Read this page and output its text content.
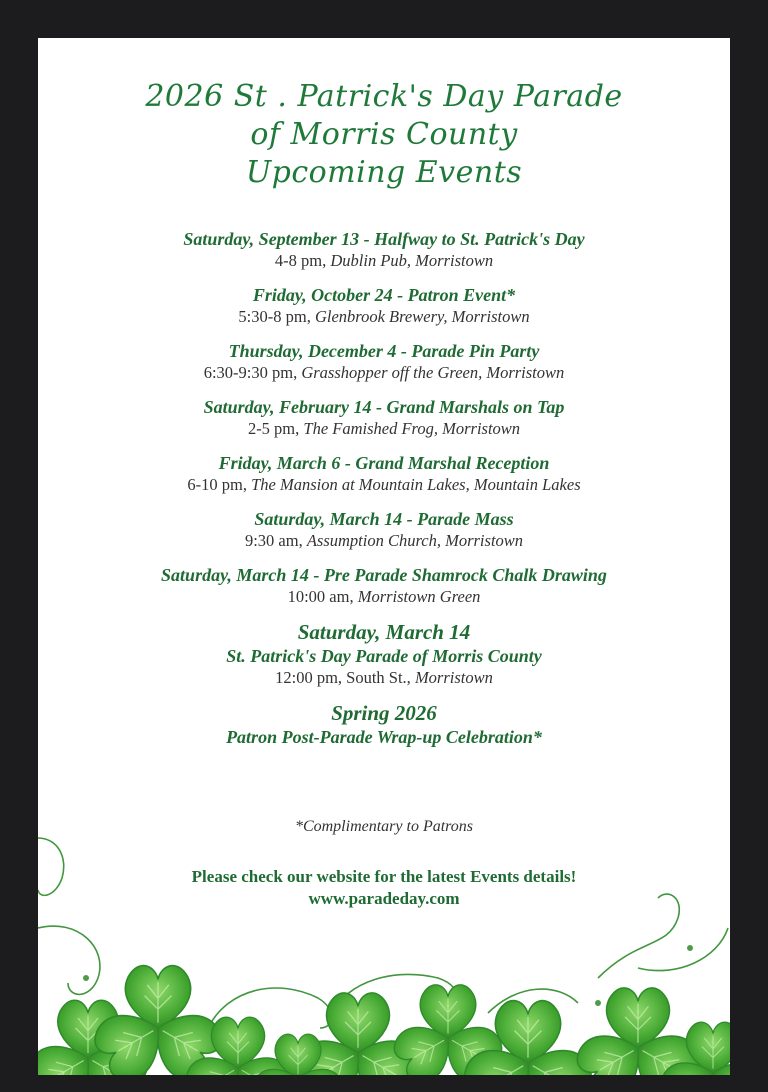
2026 St . Patrick's Day Parade
of Morris County
Upcoming Events
Saturday, September 13 - Halfway to St. Patrick's Day
4-8 pm, Dublin Pub, Morristown
Friday, October 24 - Patron Event*
5:30-8 pm, Glenbrook Brewery, Morristown
Thursday, December 4 - Parade Pin Party
6:30-9:30 pm, Grasshopper off the Green, Morristown
Saturday, February 14 - Grand Marshals on Tap
2-5 pm, The Famished Frog, Morristown
Friday, March 6 - Grand Marshal Reception
6-10 pm, The Mansion at Mountain Lakes, Mountain Lakes
Saturday, March 14 - Parade Mass
9:30 am, Assumption Church, Morristown
Saturday, March 14 - Pre Parade Shamrock Chalk Drawing
10:00 am, Morristown Green
Saturday, March 14
St. Patrick's Day Parade of Morris County
12:00 pm, South St., Morristown
Spring 2026
Patron Post-Parade Wrap-up Celebration*
*Complimentary to Patrons
Please check our website for the latest Events details!
www.paradeday.com
